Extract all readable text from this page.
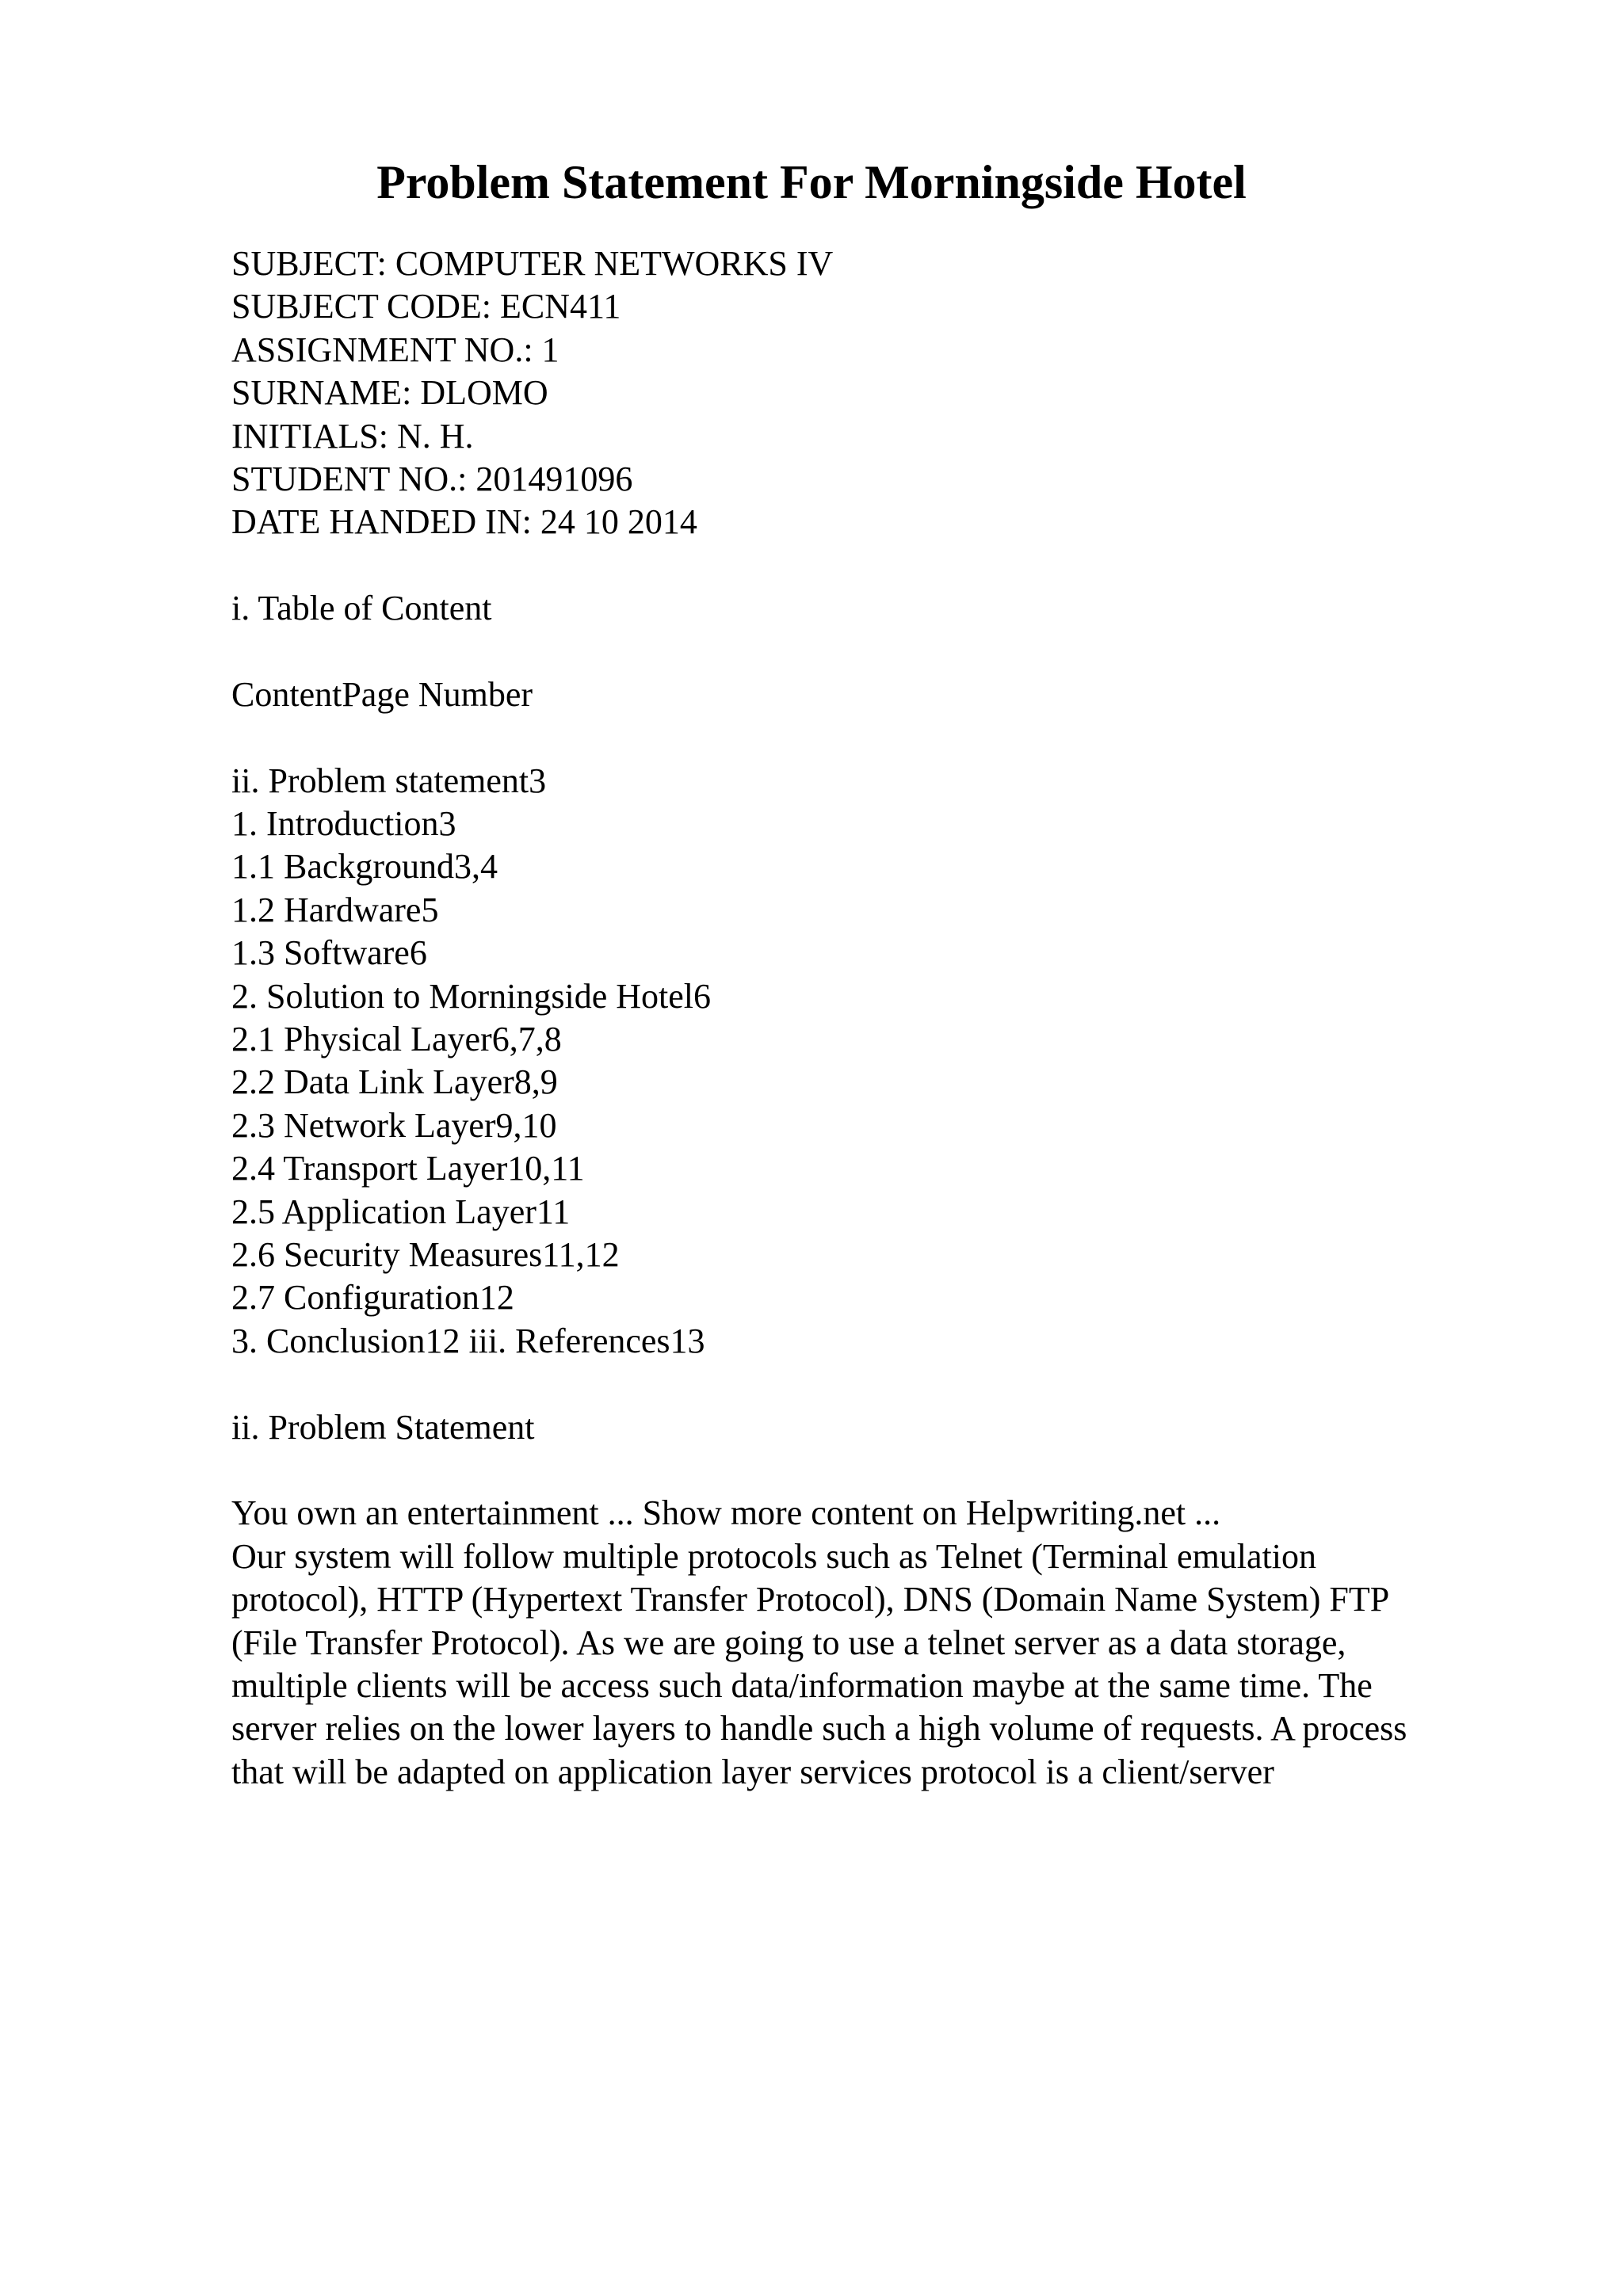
Problem Statement For Morningside Hotel
SUBJECT: COMPUTER NETWORKS IV
SUBJECT CODE: ECN411
ASSIGNMENT NO.: 1
SURNAME: DLOMO
INITIALS: N. H.
STUDENT NO.: 201491096
DATE HANDED IN: 24 10 2014
i. Table of Content
ContentPage Number
ii. Problem statement3
1. Introduction3
1.1 Background3,4
1.2 Hardware5
1.3 Software6
2. Solution to Morningside Hotel6
2.1 Physical Layer6,7,8
2.2 Data Link Layer8,9
2.3 Network Layer9,10
2.4 Transport Layer10,11
2.5 Application Layer11
2.6 Security Measures11,12
2.7 Configuration12
3. Conclusion12 iii. References13
ii. Problem Statement
You own an entertainment ... Show more content on Helpwriting.net ...
Our system will follow multiple protocols such as Telnet (Terminal emulation
protocol), HTTP (Hypertext Transfer Protocol), DNS (Domain Name System) FTP
(File Transfer Protocol). As we are going to use a telnet server as a data storage,
multiple clients will be access such data/information maybe at the same time. The
server relies on the lower layers to handle such a high volume of requests. A process
that will be adapted on application layer services protocol is a client/server
